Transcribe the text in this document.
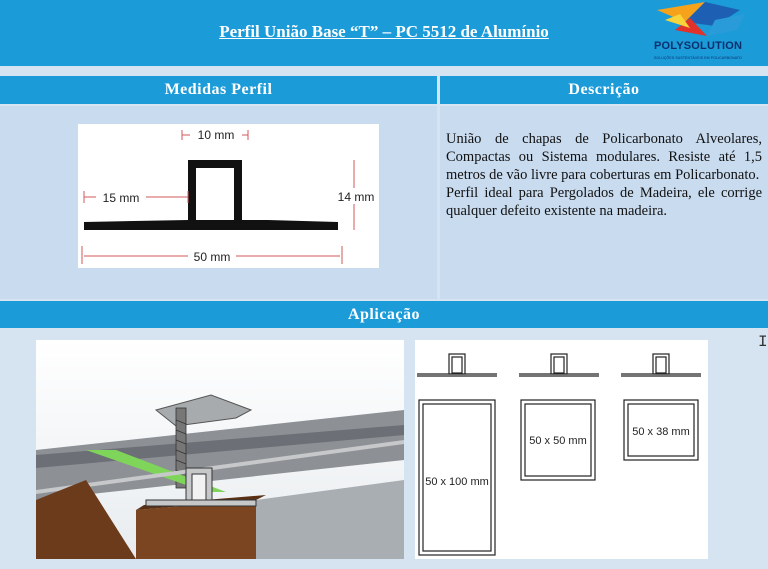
Perfil União Base “T” – PC 5512 de Alumínio
POLYSOLUTION
SOLUÇÕES SUSTENTÁVEIS EM POLICARBONATO
Medidas Perfil	Descrição
10 mm
15 mm	14 mm
50 mm

União de chapas de Policarbonato Alveolares, Compactas ou Sistema modulares. Resiste até 1,5 metros de vão livre para coberturas em Policarbonato.

Perfil ideal para Pergolados de Madeira, ele corrige qualquer defeito existente na madeira.

Aplicação
50 x 100 mm
50 x 50 mm
50 x 38 mm
I
